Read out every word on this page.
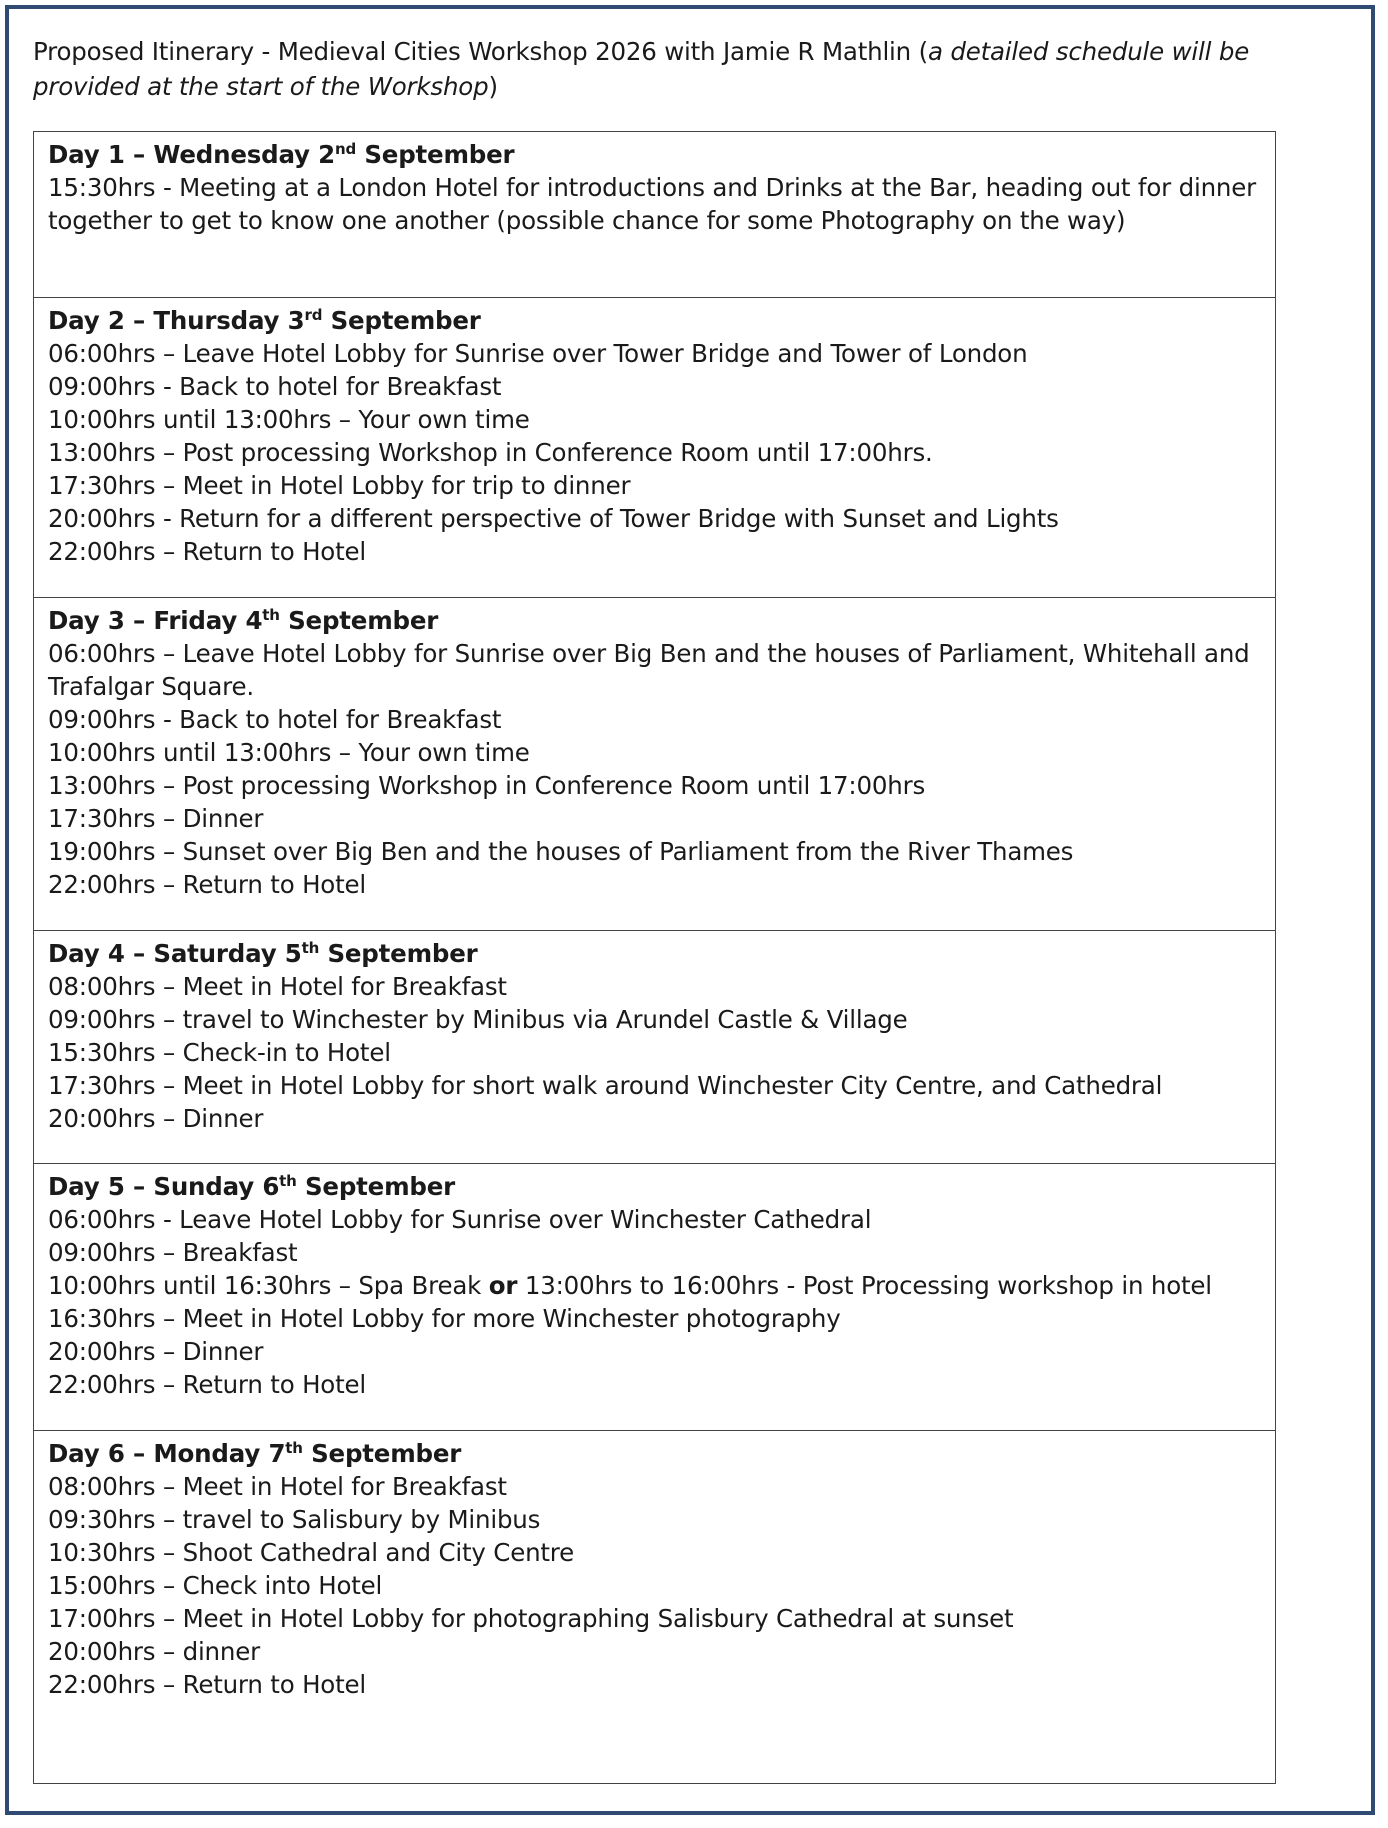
Proposed Itinerary - Medieval Cities Workshop 2026 with Jamie R Mathlin (a detailed schedule will be provided at the start of the Workshop)
Day 1 – Wednesday 2nd September
15:30hrs - Meeting at a London Hotel for introductions and Drinks at the Bar, heading out for dinner together to get to know one another (possible chance for some Photography on the way)
Day 2 – Thursday 3rd September
06:00hrs – Leave Hotel Lobby for Sunrise over Tower Bridge and Tower of London
09:00hrs - Back to hotel for Breakfast
10:00hrs until 13:00hrs – Your own time
13:00hrs – Post processing Workshop in Conference Room until 17:00hrs.
17:30hrs – Meet in Hotel Lobby for trip to dinner
20:00hrs - Return for a different perspective of Tower Bridge with Sunset and Lights
22:00hrs – Return to Hotel
Day 3 – Friday 4th September
06:00hrs – Leave Hotel Lobby for Sunrise over Big Ben and the houses of Parliament, Whitehall and Trafalgar Square.
09:00hrs - Back to hotel for Breakfast
10:00hrs until 13:00hrs – Your own time
13:00hrs – Post processing Workshop in Conference Room until 17:00hrs
17:30hrs – Dinner
19:00hrs – Sunset over Big Ben and the houses of Parliament from the River Thames
22:00hrs – Return to Hotel
Day 4 – Saturday 5th September
08:00hrs – Meet in Hotel for Breakfast
09:00hrs – travel to Winchester by Minibus via Arundel Castle & Village
15:30hrs – Check-in to Hotel
17:30hrs – Meet in Hotel Lobby for short walk around Winchester City Centre, and Cathedral
20:00hrs – Dinner
Day 5 – Sunday 6th September
06:00hrs - Leave Hotel Lobby for Sunrise over Winchester Cathedral
09:00hrs – Breakfast
10:00hrs until 16:30hrs – Spa Break or 13:00hrs to 16:00hrs - Post Processing workshop in hotel
16:30hrs – Meet in Hotel Lobby for more Winchester photography
20:00hrs – Dinner
22:00hrs – Return to Hotel
Day 6 – Monday 7th September
08:00hrs – Meet in Hotel for Breakfast
09:30hrs – travel to Salisbury by Minibus
10:30hrs – Shoot Cathedral and City Centre
15:00hrs – Check into Hotel
17:00hrs – Meet in Hotel Lobby for photographing Salisbury Cathedral at sunset
20:00hrs – dinner
22:00hrs – Return to Hotel
